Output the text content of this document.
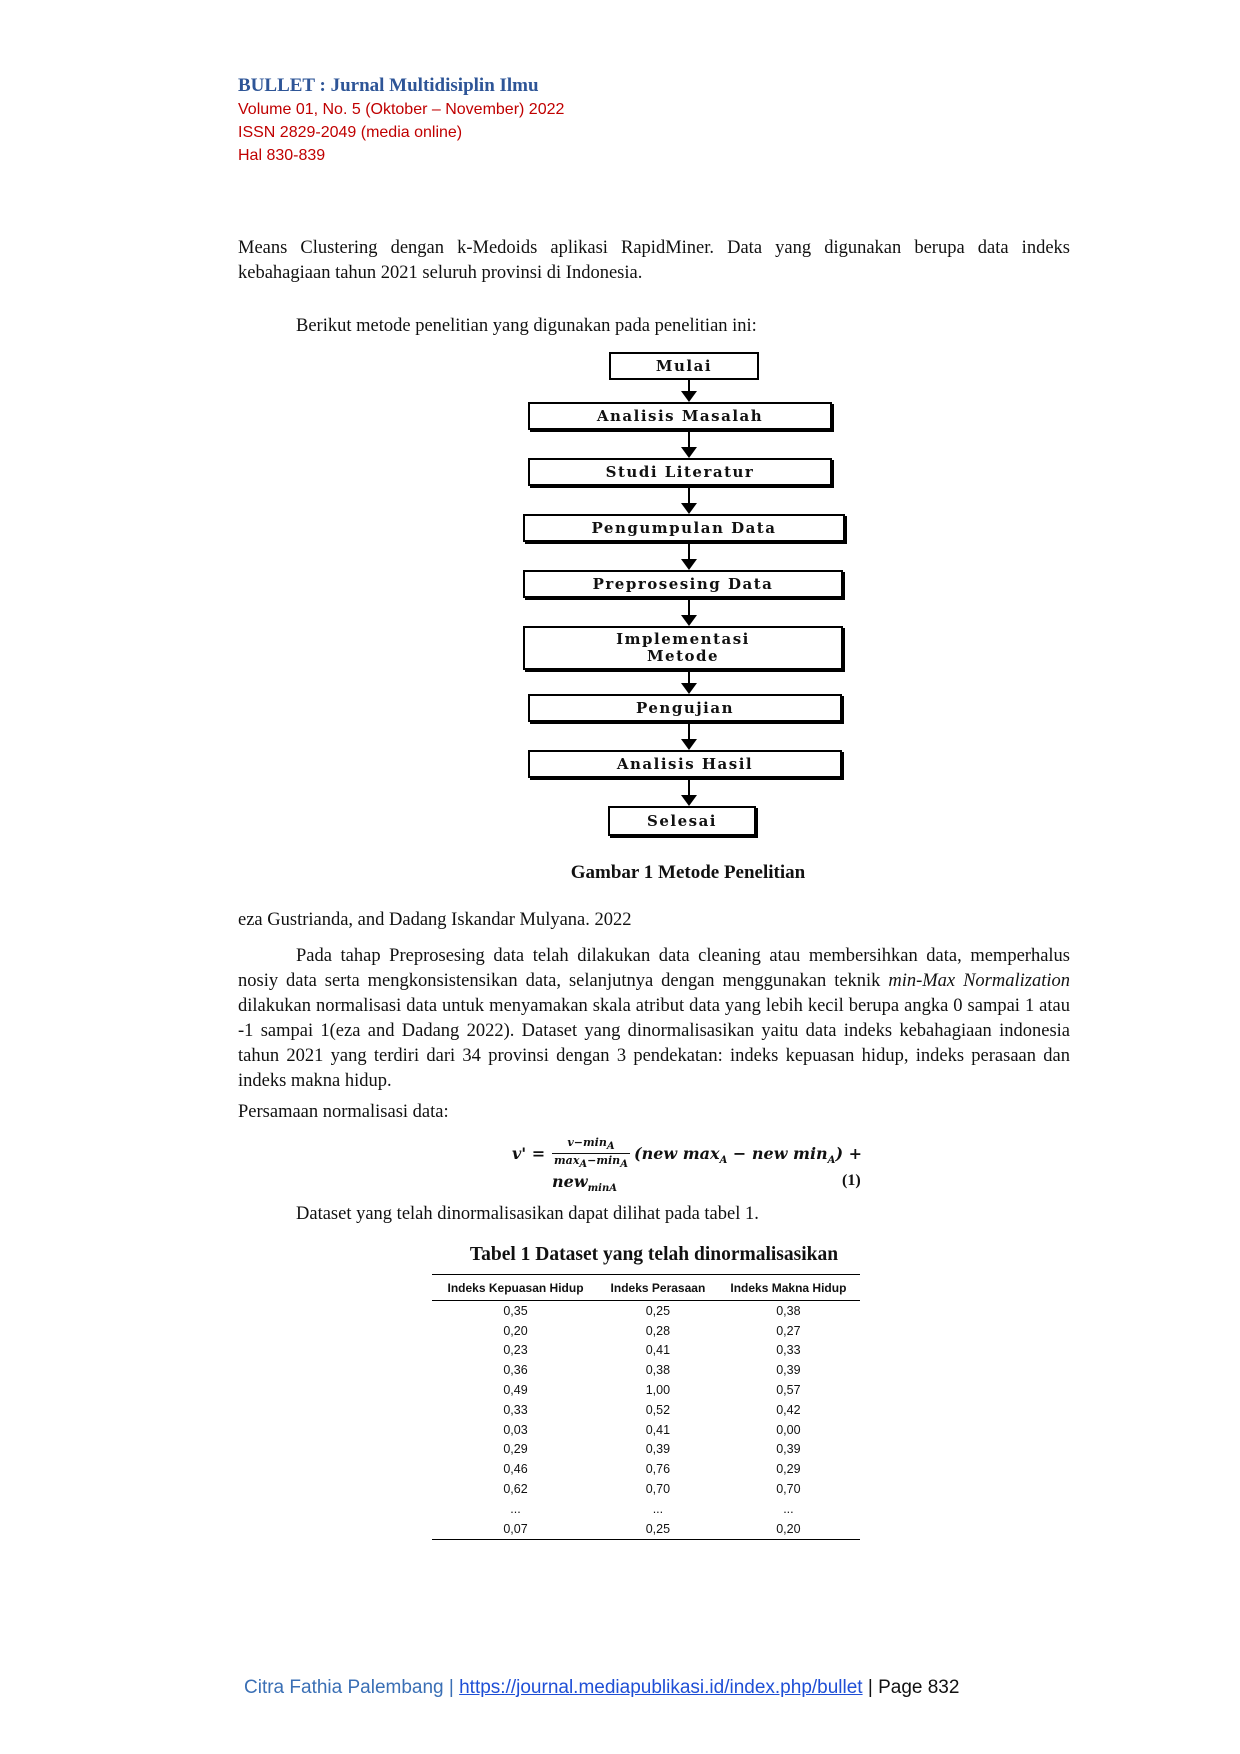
BULLET : Jurnal Multidisiplin Ilmu
Volume 01, No. 5 (Oktober – November) 2022
ISSN 2829-2049 (media online)
Hal 830-839
Means Clustering dengan k-Medoids aplikasi RapidMiner. Data yang digunakan berupa data indeks kebahagiaan tahun 2021 seluruh provinsi di Indonesia.
Berikut metode penelitian yang digunakan pada penelitian ini:
Mulai
Analisis Masalah
Studi Literatur
Pengumpulan Data
Preprosesing Data
Implementasi
Metode
Pengujian
Analisis Hasil
Selesai
Gambar 1 Metode Penelitian
eza Gustrianda, and Dadang Iskandar Mulyana. 2022
Pada tahap Preprosesing data telah dilakukan data cleaning atau membersihkan data, memperhalus nosiy data serta mengkonsistensikan data, selanjutnya dengan menggunakan teknik min-Max Normalization dilakukan normalisasi data untuk menyamakan skala atribut data yang lebih kecil berupa angka 0 sampai 1 atau -1 sampai 1(eza and Dadang 2022). Dataset yang dinormalisasikan yaitu data indeks kebahagiaan indonesia tahun 2021 yang terdiri dari 34 provinsi dengan 3 pendekatan: indeks kepuasan hidup, indeks perasaan dan indeks makna hidup.
Persamaan normalisasi data:
v' =
$v-\min_A$
$\max_A-\min_A$
(new $\max_A$ − new $\min_A$) +
new$_{minA}$	(1)
Dataset yang telah dinormalisasikan dapat dilihat pada tabel 1.
Tabel 1 Dataset yang telah dinormalisasikan
Indeks Kepuasan Hidup	Indeks Perasaan	Indeks Makna Hidup
0,35	0,25	0,38
0,20	0,28	0,27
0,23	0,41	0,33
0,36	0,38	0,39
0,49	1,00	0,57
0,33	0,52	0,42
0,03	0,41	0,00
0,29	0,39	0,39
0,46	0,76	0,29
0,62	0,70	0,70
...	...	...
0,07	0,25	0,20
Citra Fathia Palembang | https://journal.mediapublikasi.id/index.php/bullet | Page 832
